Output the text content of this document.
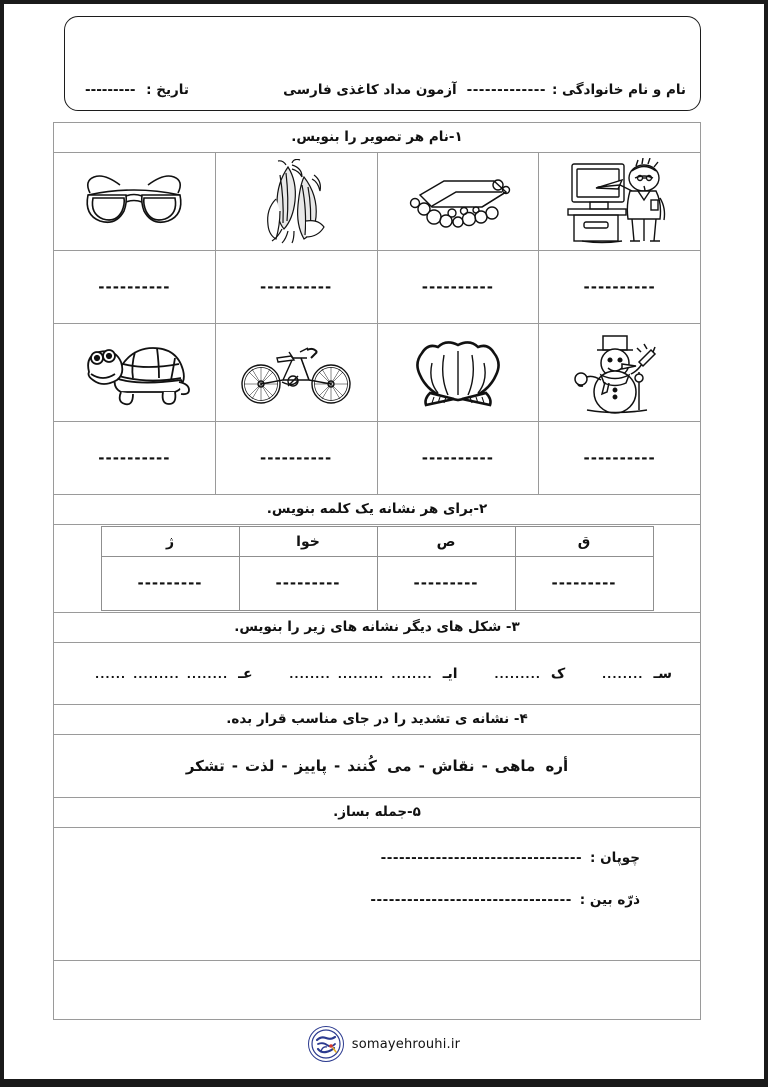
نام و نام خانوادگی :
-------------
آزمون مداد کاغذی فارسی
تاریخ : ---------
۱-نام هر تصویر را بنویس.
----------
----------
----------
----------
----------
----------
----------
----------
۲-برای هر نشانه یک کلمه بنویس.
ق	ص	خوا	ژ
---------	---------	---------	---------
۳- شکل های دیگر نشانه های زیر را بنویس.
سـ
........
ک
.........
ایـ
.........................
عـ
.......................
۴- نشانه ی تشدید را در جای مناسب قرار بده.
أره ماهی-نقاش-می کُنند-پاییز-لذت-تشکر
۵-جمله بساز.
چوپان :
---------------------------------
ذرّه بین :
---------------------------------
somayehrouhi.ir
